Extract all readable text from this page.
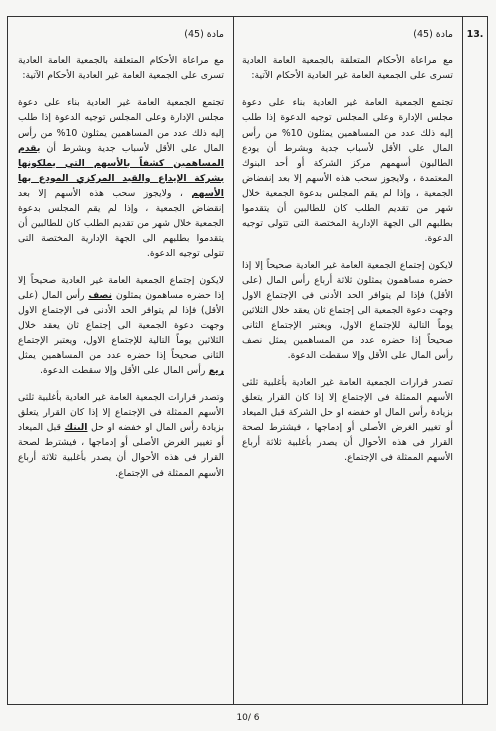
مادة (45)

مع مراعاة الأحكام المتعلقة بالجمعية العامة العادية تسرى على الجمعية العامة غير العادية الأحكام الآتية:

تجتمع الجمعية العامة غير العادية بناء على دعوة مجلس الإدارة وعلى المجلس توجيه الدعوة إذا طلب إليه ذلك عدد من المساهمين يمثلون 10% من رأس المال على الأقل لأسباب جدية وبشرط أن يقدم المساهمين كشفاً بالأسهم التي يملكونها بشركة الإيداع والقيد المركزي المودع بها الأسهم ، ولايجوز سحب هذه الأسهم إلا بعد إنقضاض الجمعية ، وإذا لم يقم المجلس بدعوة الجمعية خلال شهر من تقديم الطلب كان للطالبين أن يتقدموا بطلبهم الى الجهة الإدارية المختصة التى تتولى توجيه الدعوة.

لايكون إجتماع الجمعية العامة غير العادية صحيحاً إلا إذا حضره مساهمون يمثلون نصف رأس المال (على الأقل) فإذا لم يتوافر الحد الأدنى فى الإجتماع الاول وجهت دعوة الجمعية الى إجتماع ثان يعقد خلال الثلاثين يوماً التالية للإجتماع الاول، ويعتبر الإجتماع الثانى صحيحاً إذا حضره عدد من المساهمين يمثل ربع رأس المال على الأقل وإلا سقطت الدعوة.

وتصدر قرارات الجمعية العامة غير العادية بأغلبية ثلثى الأسهم الممثلة فى الإجتماع إلا إذا كان القرار يتعلق بزيادة رأس المال او خفضه او حل البنك قبل الميعاد أو تغيير الغرض الأصلى أو إدماجها ، فيشترط لصحة القرار فى هذه الأحوال أن يصدر بأغلبية ثلاثة أرباع الأسهم الممثلة فى الإجتماع.

مادة (45)

مع مراعاة الأحكام المتعلقة بالجمعية العامة العادية تسرى على الجمعية العامة غير العادية الأحكام الآتية:

تجتمع الجمعية العامة غير العادية بناء على دعوة مجلس الإدارة وعلى المجلس توجيه الدعوة إذا طلب إليه ذلك عدد من المساهمين يمثلون 10% من رأس المال على الأقل لأسباب جدية وبشرط أن يودع الطالبون أسهمهم مركز الشركة أو أحد البنوك المعتمدة ، ولايجوز سحب هذه الأسهم إلا بعد إنفضاض الجمعية ، وإذا لم يقم المجلس بدعوة الجمعية خلال شهر من تقديم الطلب كان للطالبين أن يتقدموا بطلبهم الى الجهة الإدارية المختصة التى تتولى توجيه الدعوة.

لايكون إجتماع الجمعية العامة غير العادية صحيحاً إلا إذا حضره مساهمون يمثلون ثلاثة أرباع رأس المال (على الأقل) فإذا لم يتوافر الحد الأدنى فى الإجتماع الاول وجهت دعوة الجمعية الى إجتماع ثان يعقد خلال الثلاثين يوماً التالية للإجتماع الاول، ويعتبر الإجتماع الثانى صحيحاً إذا حضره عدد من المساهمين يمثل نصف رأس المال على الأقل وإلا سقطت الدعوة.

تصدر قرارات الجمعية العامة غير العادية بأغلبية ثلثى الأسهم الممثلة فى الإجتماع إلا إذا كان القرار يتعلق بزيادة رأس المال او خفضه او حل الشركة قبل الميعاد أو تغيير الغرض الأصلى أو إدماجها ، فيشترط لصحة القرار فى هذه الأحوال أن يصدر بأغلبية ثلاثة أرباع الأسهم الممثلة فى الإجتماع.

13.
10/ 6
